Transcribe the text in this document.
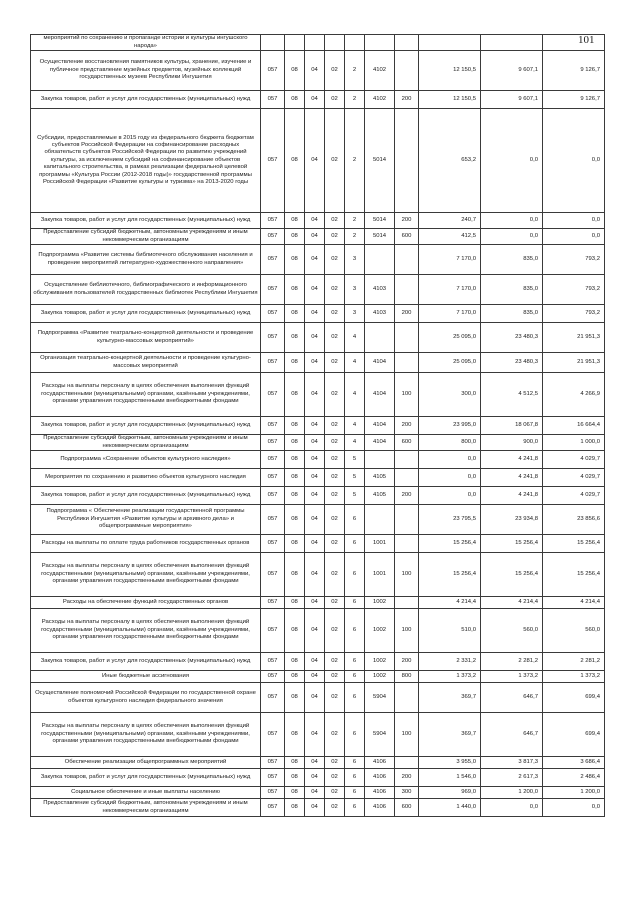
101
мероприятий по сохранению и пропаганде истории и культуры ингушского народа»										
Осуществление восстановления памятников культуры, хранение, изучение и публичное представление музейных предметов, музейных коллекций государственных музеев Республики Ингушетия	057	08	04	02	2	4102		12 150,5	9 607,1	9 126,7
Закупка товаров, работ и услуг для государственных (муниципальных) нужд	057	08	04	02	2	4102	200	12 150,5	9 607,1	9 126,7
Субсидии, предоставляемые в 2015 году из федерального бюджета бюджетам субъектов Российской Федерации на софинансирование расходных обязательств субъектов Российской Федерации по развитию учреждений культуры, за исключением субсидий на софинансирование объектов капитального строительства, в рамках реализации федеральной целевой программы «Культура России (2012-2018 годы)» государственной программы Российской Федерации «Развитие культуры и туризма» на 2013-2020 годы	057	08	04	02	2	5014		653,2	0,0	0,0
Закупка товаров, работ и услуг для государственных (муниципальных) нужд	057	08	04	02	2	5014	200	240,7	0,0	0,0
Предоставление субсидий бюджетным, автономным учреждениям и иным некоммерческим организациям	057	08	04	02	2	5014	600	412,5	0,0	0,0
Подпрограмма «Развитие системы библиотечного обслуживания населения и проведение мероприятий литературно-художественного направления»	057	08	04	02	3			7 170,0	835,0	793,2
Осуществление библиотечного, библиографического и информационного обслуживания пользователей государственных библиотек Республики Ингушетия	057	08	04	02	3	4103		7 170,0	835,0	793,2
Закупка товаров, работ и услуг для государственных (муниципальных) нужд	057	08	04	02	3	4103	200	7 170,0	835,0	793,2
Подпрограмма «Развитие театрально-концертной деятельности и проведение культурно-массовых мероприятий»	057	08	04	02	4			25 095,0	23 480,3	21 951,3
Организация театрально-концертной деятельности и проведение культурно-массовых мероприятий	057	08	04	02	4	4104		25 095,0	23 480,3	21 951,3
Расходы на выплаты персоналу в целях обеспечения выполнения функций государственными (муниципальными) органами, казёнными учреждениями, органами управления государственными внебюджетными фондами	057	08	04	02	4	4104	100	300,0	4 512,5	4 266,9
Закупка товаров, работ и услуг для государственных (муниципальных) нужд	057	08	04	02	4	4104	200	23 995,0	18 067,8	16 664,4
Предоставление субсидий бюджетным, автономным учреждениям и иным некоммерческим организациям	057	08	04	02	4	4104	600	800,0	900,0	1 000,0
Подпрограмма «Сохранение объектов культурного наследия»	057	08	04	02	5			0,0	4 241,8	4 029,7
Мероприятия по сохранению и развитию объектов культурного наследия	057	08	04	02	5	4105		0,0	4 241,8	4 029,7
Закупка товаров, работ и услуг для государственных (муниципальных) нужд	057	08	04	02	5	4105	200	0,0	4 241,8	4 029,7
Подпрограмма « Обеспечение реализации государственной программы Республики Ингушетия «Развитие культуры и архивного дела» и общепрограммные мероприятия»	057	08	04	02	6			23 795,5	23 934,8	23 856,6
Расходы на выплаты по оплате труда работников государственных органов	057	08	04	02	6	1001		15 256,4	15 256,4	15 256,4
Расходы на выплаты персоналу в целях обеспечения выполнения функций государственными (муниципальными) органами, казёнными учреждениями, органами управления государственными внебюджетными фондами	057	08	04	02	6	1001	100	15 256,4	15 256,4	15 256,4
Расходы на обеспечение функций государственных органов	057	08	04	02	6	1002		4 214,4	4 214,4	4 214,4
Расходы на выплаты персоналу в целях обеспечения выполнения функций государственными (муниципальными) органами, казёнными учреждениями, органами управления государственными внебюджетными фондами	057	08	04	02	6	1002	100	510,0	560,0	560,0
Закупка товаров, работ и услуг для государственных (муниципальных) нужд	057	08	04	02	6	1002	200	2 331,2	2 281,2	2 281,2
Иные бюджетные ассигнования	057	08	04	02	6	1002	800	1 373,2	1 373,2	1 373,2
Осуществление полномочий Российской Федерации по государственной охране объектов культурного наследия федерального значения	057	08	04	02	6	5904		369,7	646,7	699,4
Расходы на выплаты персоналу в целях обеспечения выполнения функций государственными (муниципальными) органами, казёнными учреждениями, органами управления государственными внебюджетными фондами	057	08	04	02	6	5904	100	369,7	646,7	699,4
Обеспечение реализации общепрограммных мероприятий	057	08	04	02	6	4106		3 955,0	3 817,3	3 686,4
Закупка товаров, работ и услуг для государственных (муниципальных) нужд	057	08	04	02	6	4106	200	1 546,0	2 617,3	2 486,4
Социальное обеспечение и иные выплаты населению	057	08	04	02	6	4106	300	969,0	1 200,0	1 200,0
Предоставление субсидий бюджетным, автономным учреждениям и иным некоммерческим организациям	057	08	04	02	6	4106	600	1 440,0	0,0	0,0
